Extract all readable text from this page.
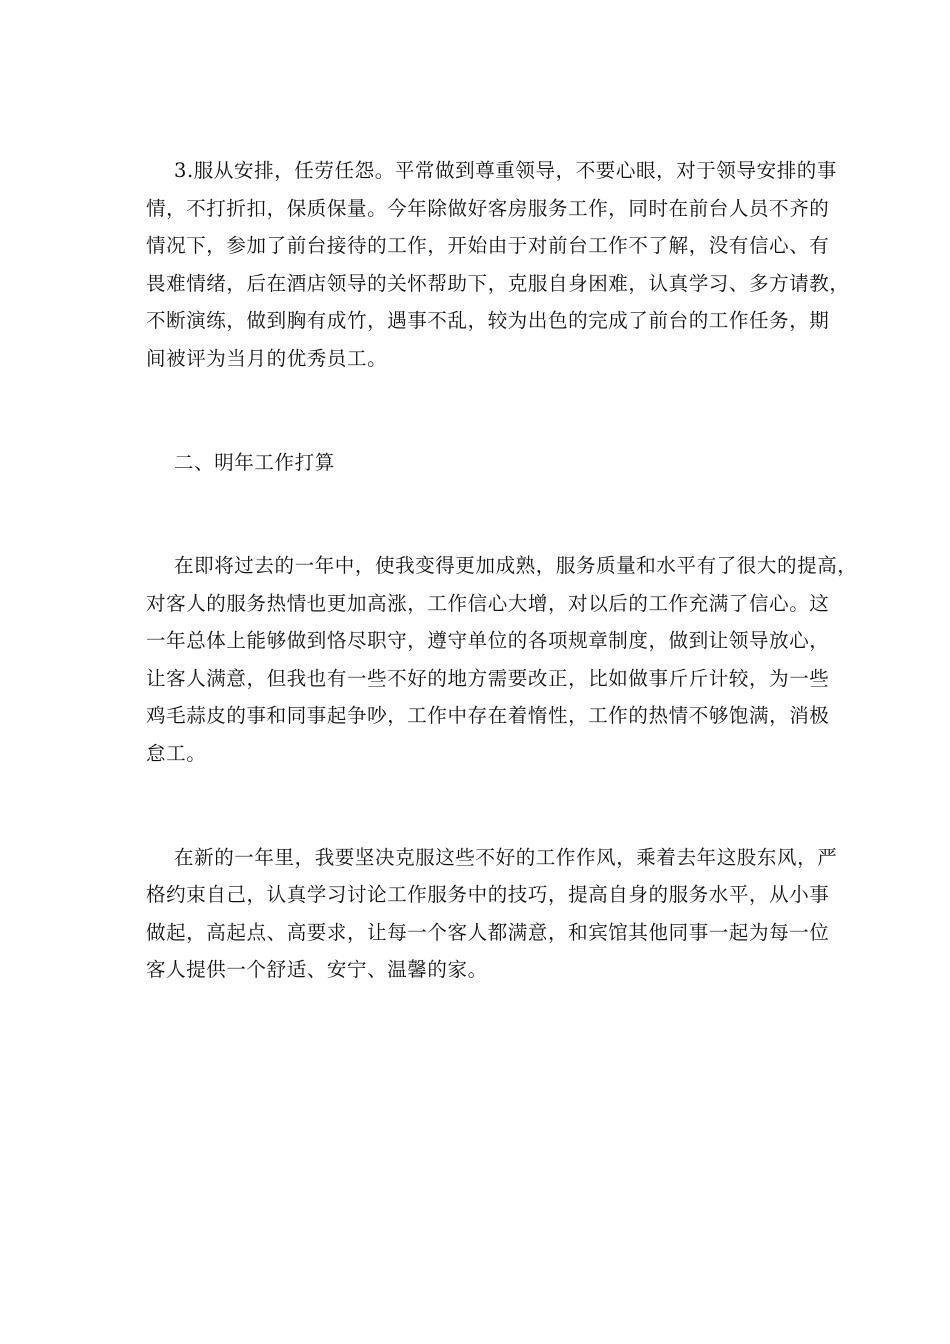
3.服从安排，任劳任怨。平常做到尊重领导，不要心眼，对于领导安排的事
情，不打折扣，保质保量。今年除做好客房服务工作，同时在前台人员不齐的
情况下，参加了前台接待的工作，开始由于对前台工作不了解，没有信心、有
畏难情绪，后在酒店领导的关怀帮助下，克服自身困难，认真学习、多方请教，
不断演练，做到胸有成竹，遇事不乱，较为出色的完成了前台的工作任务，期
间被评为当月的优秀员工。
二、明年工作打算
在即将过去的一年中，使我变得更加成熟，服务质量和水平有了很大的提高，
对客人的服务热情也更加高涨，工作信心大增，对以后的工作充满了信心。这
一年总体上能够做到恪尽职守，遵守单位的各项规章制度，做到让领导放心，
让客人满意，但我也有一些不好的地方需要改正，比如做事斤斤计较，为一些
鸡毛蒜皮的事和同事起争吵，工作中存在着惰性，工作的热情不够饱满，消极
怠工。
在新的一年里，我要坚决克服这些不好的工作作风，乘着去年这股东风，严
格约束自己，认真学习讨论工作服务中的技巧，提高自身的服务水平，从小事
做起，高起点、高要求，让每一个客人都满意，和宾馆其他同事一起为每一位
客人提供一个舒适、安宁、温馨的家。
